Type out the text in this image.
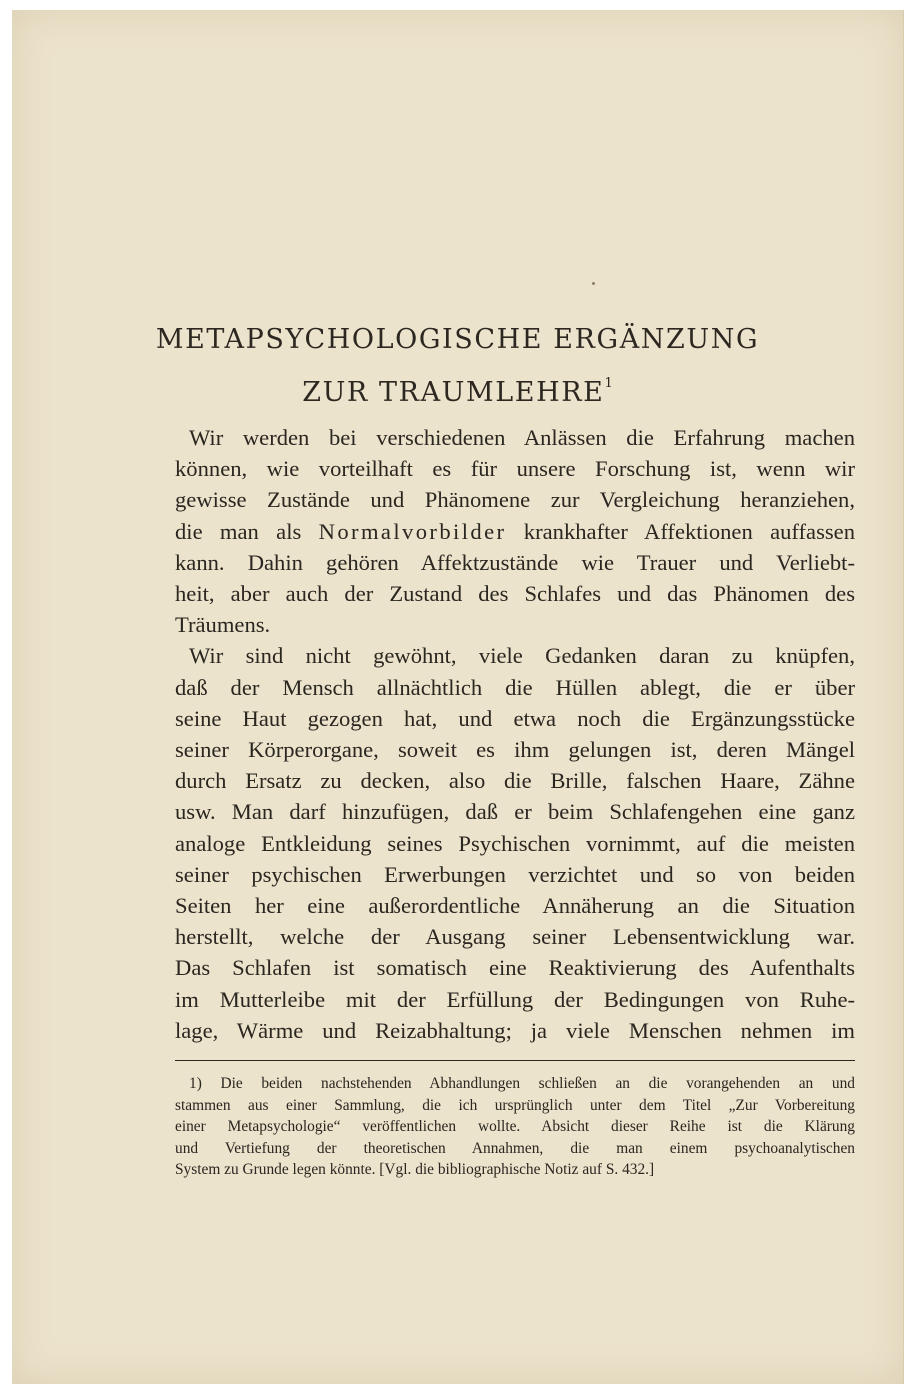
METAPSYCHOLOGISCHE ERGÄNZUNG
ZUR TRAUMLEHRE$^1$

Wir werden bei verschiedenen Anlässen die Erfahrung machen
können, wie vorteilhaft es für unsere Forschung ist, wenn wir
gewisse Zustände und Phänomene zur Vergleichung heranziehen,
die man als Normalvorbilder krankhafter Affektionen auffassen
kann. Dahin gehören Affektzustände wie Trauer und Verliebt-
heit, aber auch der Zustand des Schlafes und das Phänomen des
Träumens.

Wir sind nicht gewöhnt, viele Gedanken daran zu knüpfen,
daß der Mensch allnächtlich die Hüllen ablegt, die er über
seine Haut gezogen hat, und etwa noch die Ergänzungsstücke
seiner Körperorgane, soweit es ihm gelungen ist, deren Mängel
durch Ersatz zu decken, also die Brille, falschen Haare, Zähne
usw. Man darf hinzufügen, daß er beim Schlafengehen eine ganz
analoge Entkleidung seines Psychischen vornimmt, auf die meisten
seiner psychischen Erwerbungen verzichtet und so von beiden
Seiten her eine außerordentliche Annäherung an die Situation
herstellt, welche der Ausgang seiner Lebensentwicklung war.
Das Schlafen ist somatisch eine Reaktivierung des Aufenthalts
im Mutterleibe mit der Erfüllung der Bedingungen von Ruhe-
lage, Wärme und Reizabhaltung; ja viele Menschen nehmen im

1) Die beiden nachstehenden Abhandlungen schließen an die vorangehenden an und
stammen aus einer Sammlung, die ich ursprünglich unter dem Titel „Zur Vorbereitung
einer Metapsychologie“ veröffentlichen wollte. Absicht dieser Reihe ist die Klärung
und Vertiefung der theoretischen Annahmen, die man einem psychoanalytischen
System zu Grunde legen könnte. [Vgl. die bibliographische Notiz auf S. 432.]
